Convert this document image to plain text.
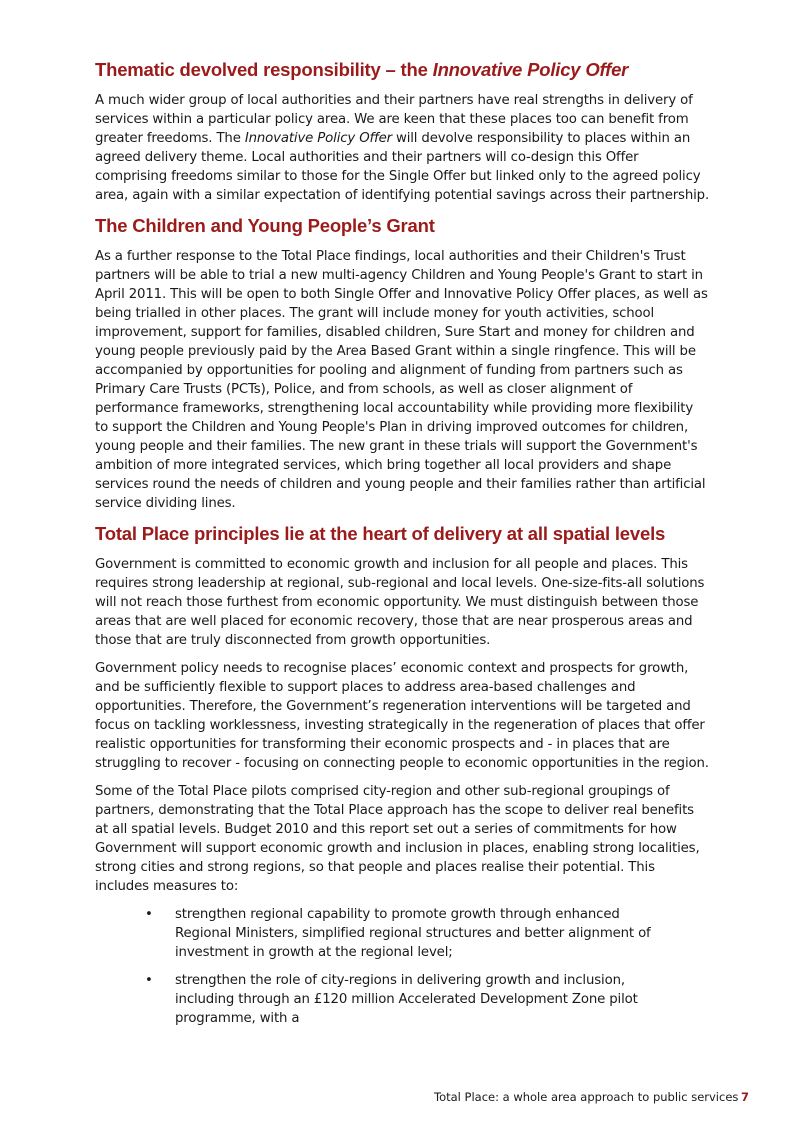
Thematic devolved responsibility – the Innovative Policy Offer

A much wider group of local authorities and their partners have real strengths in delivery of services within a particular policy area. We are keen that these places too can benefit from greater freedoms. The Innovative Policy Offer will devolve responsibility to places within an agreed delivery theme. Local authorities and their partners will co-design this Offer comprising freedoms similar to those for the Single Offer but linked only to the agreed policy area, again with a similar expectation of identifying potential savings across their partnership.

The Children and Young People’s Grant

As a further response to the Total Place findings, local authorities and their Children's Trust partners will be able to trial a new multi-agency Children and Young People's Grant to start in April 2011. This will be open to both Single Offer and Innovative Policy Offer places, as well as being trialled in other places. The grant will include money for youth activities, school improvement, support for families, disabled children, Sure Start and money for children and young people previously paid by the Area Based Grant within a single ringfence. This will be accompanied by opportunities for pooling and alignment of funding from partners such as Primary Care Trusts (PCTs), Police, and from schools, as well as closer alignment of performance frameworks, strengthening local accountability while providing more flexibility to support the Children and Young People's Plan in driving improved outcomes for children, young people and their families. The new grant in these trials will support the Government's ambition of more integrated services, which bring together all local providers and shape services round the needs of children and young people and their families rather than artificial service dividing lines.

Total Place principles lie at the heart of delivery at all spatial levels

Government is committed to economic growth and inclusion for all people and places. This requires strong leadership at regional, sub-regional and local levels. One-size-fits-all solutions will not reach those furthest from economic opportunity. We must distinguish between those areas that are well placed for economic recovery, those that are near prosperous areas and those that are truly disconnected from growth opportunities.

Government policy needs to recognise places’ economic context and prospects for growth, and be sufficiently flexible to support places to address area-based challenges and opportunities. Therefore, the Government’s regeneration interventions will be targeted and focus on tackling worklessness, investing strategically in the regeneration of places that offer realistic opportunities for transforming their economic prospects and - in places that are struggling to recover - focusing on connecting people to economic opportunities in the region.

Some of the Total Place pilots comprised city-region and other sub-regional groupings of partners, demonstrating that the Total Place approach has the scope to deliver real benefits at all spatial levels. Budget 2010 and this report set out a series of commitments for how Government will support economic growth and inclusion in places, enabling strong localities, strong cities and strong regions, so that people and places realise their potential. This includes measures to:

• strengthen regional capability to promote growth through enhanced Regional Ministers, simplified regional structures and better alignment of investment in growth at the regional level;
• strengthen the role of city-regions in delivering growth and inclusion, including through an £120 million Accelerated Development Zone pilot programme, with a
Total Place: a whole area approach to public services 7
